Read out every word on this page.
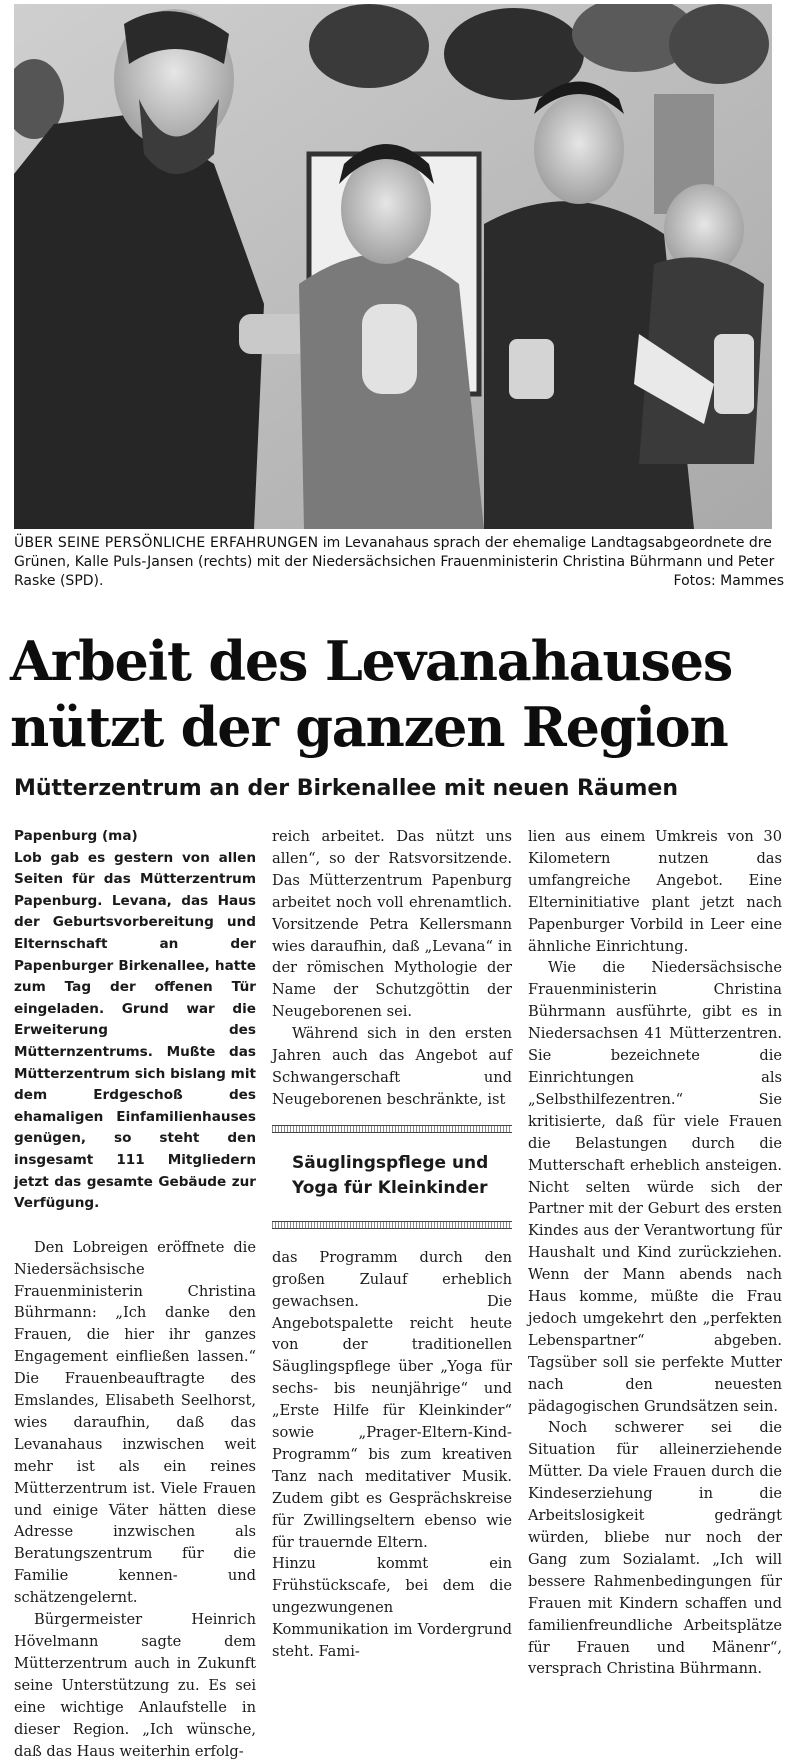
ÜBER SEINE PERSÖNLICHE ERFAHRUNGEN im Levanahaus sprach der ehemalige Landtagsabgeordnete dre Grünen, Kalle Puls-Jansen (rechts) mit der Niedersächsichen Frauenministerin Christina Bührmann und Peter Raske (SPD).	Fotos: Mammes
Arbeit des Levanahauses
nützt der ganzen Region
Mütterzentrum an der Birkenallee mit neuen Räumen

Papenburg (ma)

Lob gab es gestern von allen Seiten für das Mütterzentrum Papenburg. Levana, das Haus der Geburtsvorbereitung und Elternschaft an der Papenburger Birkenallee, hatte zum Tag der offenen Tür eingeladen. Grund war die Erweiterung des Mütternzentrums. Mußte das Mütterzentrum sich bislang mit dem Erdgeschoß des ehamaligen Einfamilienhauses genügen, so steht den insgesamt 111 Mitgliedern jetzt das gesamte Gebäude zur Verfügung.

Den Lobreigen eröffnete die Niedersächsische Frauenministerin Christina Bührmann: „Ich danke den Frauen, die hier ihr ganzes Engagement einfließen lassen.“ Die Frauenbeauftragte des Emslandes, Elisabeth Seelhorst, wies daraufhin, daß das Levanahaus inzwischen weit mehr ist als ein reines Mütterzentrum ist. Viele Frauen und einige Väter hätten diese Adresse inzwischen als Beratungszentrum für die Familie kennen- und schätzengelernt.

Bürgermeister Heinrich Hövelmann sagte dem Mütterzentrum auch in Zukunft seine Unterstützung zu. Es sei eine wichtige Anlaufstelle in dieser Region. „Ich wünsche, daß das Haus weiterhin erfolg-

reich arbeitet. Das nützt uns allen“, so der Ratsvorsitzende. Das Mütterzentrum Papenburg arbeitet noch voll ehrenamtlich. Vorsitzende Petra Kellersmann wies daraufhin, daß „Levana“ in der römischen Mythologie der Name der Schutzgöttin der Neugeborenen sei.

Während sich in den ersten Jahren auch das Angebot auf Schwangerschaft und Neugeborenen beschränkte, ist

Säuglingspflege und Yoga für Kleinkinder

das Programm durch den großen Zulauf erheblich gewachsen. Die Angebotspalette reicht heute von der traditionellen Säuglingspflege über „Yoga für sechs- bis neunjährige“ und „Erste Hilfe für Kleinkinder“ sowie „Prager-Eltern-Kind-Programm“ bis zum kreativen Tanz nach meditativer Musik. Zudem gibt es Gesprächskreise für Zwillingseltern ebenso wie für trauernde Eltern.

Hinzu kommt ein Frühstückscafe, bei dem die ungezwungenen Kommunikation im Vordergrund steht. Fami-

lien aus einem Umkreis von 30 Kilometern nutzen das umfangreiche Angebot. Eine Elterninitiative plant jetzt nach Papenburger Vorbild in Leer eine ähnliche Einrichtung.

Wie die Niedersächsische Frauenministerin Christina Bührmann ausführte, gibt es in Niedersachsen 41 Mütterzentren. Sie bezeichnete die Einrichtungen als „Selbsthilfezentren.“ Sie kritisierte, daß für viele Frauen die Belastungen durch die Mutterschaft erheblich ansteigen. Nicht selten würde sich der Partner mit der Geburt des ersten Kindes aus der Verantwortung für Haushalt und Kind zurückziehen. Wenn der Mann abends nach Haus komme, müßte die Frau jedoch umgekehrt den „perfekten Lebenspartner“ abgeben. Tagsüber soll sie perfekte Mutter nach den neuesten pädagogischen Grundsätzen sein.

Noch schwerer sei die Situation für alleinerziehende Mütter. Da viele Frauen durch die Kindeserziehung in die Arbeitslosigkeit gedrängt würden, bliebe nur noch der Gang zum Sozialamt. „Ich will bessere Rahmenbedingungen für Frauen mit Kindern schaffen und familienfreundliche Arbeitsplätze für Frauen und Mänenr“, versprach Christina Bührmann.
